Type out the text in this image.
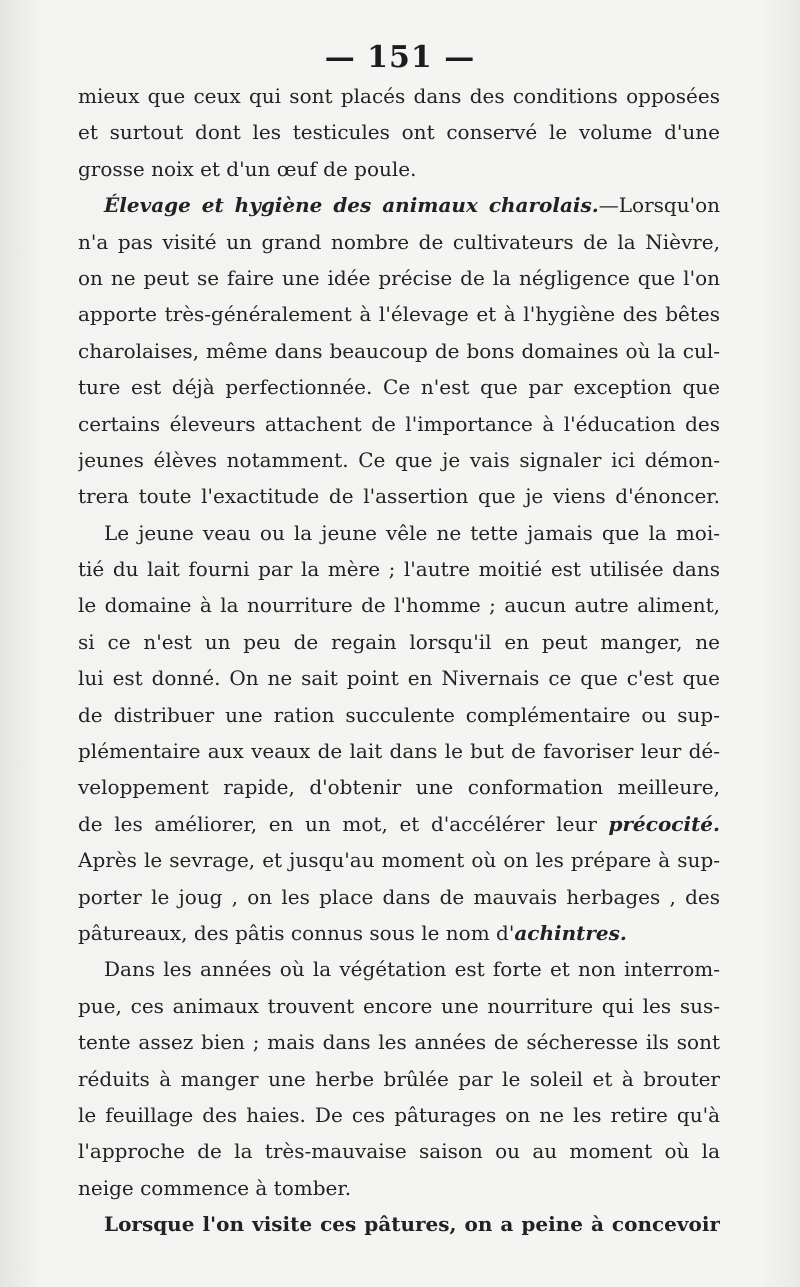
— 151 —
mieux que ceux qui sont placés dans des conditions opposées
et surtout dont les testicules ont conservé le volume d'une
grosse noix et d'un œuf de poule.
Élevage et hygiène des animaux charolais.—Lorsqu'on
n'a pas visité un grand nombre de cultivateurs de la Nièvre,
on ne peut se faire une idée précise de la négligence que l'on
apporte très-généralement à l'élevage et à l'hygiène des bêtes
charolaises, même dans beaucoup de bons domaines où la cul-
ture est déjà perfectionnée. Ce n'est que par exception que
certains éleveurs attachent de l'importance à l'éducation des
jeunes élèves notamment. Ce que je vais signaler ici démon-
trera toute l'exactitude de l'assertion que je viens d'énoncer.
Le jeune veau ou la jeune vêle ne tette jamais que la moi-
tié du lait fourni par la mère ; l'autre moitié est utilisée dans
le domaine à la nourriture de l'homme ; aucun autre aliment,
si ce n'est un peu de regain lorsqu'il en peut manger, ne
lui est donné. On ne sait point en Nivernais ce que c'est que
de distribuer une ration succulente complémentaire ou sup-
plémentaire aux veaux de lait dans le but de favoriser leur dé-
veloppement rapide, d'obtenir une conformation meilleure,
de les améliorer, en un mot, et d'accélérer leur précocité.
Après le sevrage, et jusqu'au moment où on les prépare à sup-
porter le joug , on les place dans de mauvais herbages , des
pâtureaux, des pâtis connus sous le nom d'achintres.
Dans les années où la végétation est forte et non interrom-
pue, ces animaux trouvent encore une nourriture qui les sus-
tente assez bien ; mais dans les années de sécheresse ils sont
réduits à manger une herbe brûlée par le soleil et à brouter
le feuillage des haies. De ces pâturages on ne les retire qu'à
l'approche de la très-mauvaise saison ou au moment où la
neige commence à tomber.
Lorsque l'on visite ces pâtures, on a peine à concevoir
